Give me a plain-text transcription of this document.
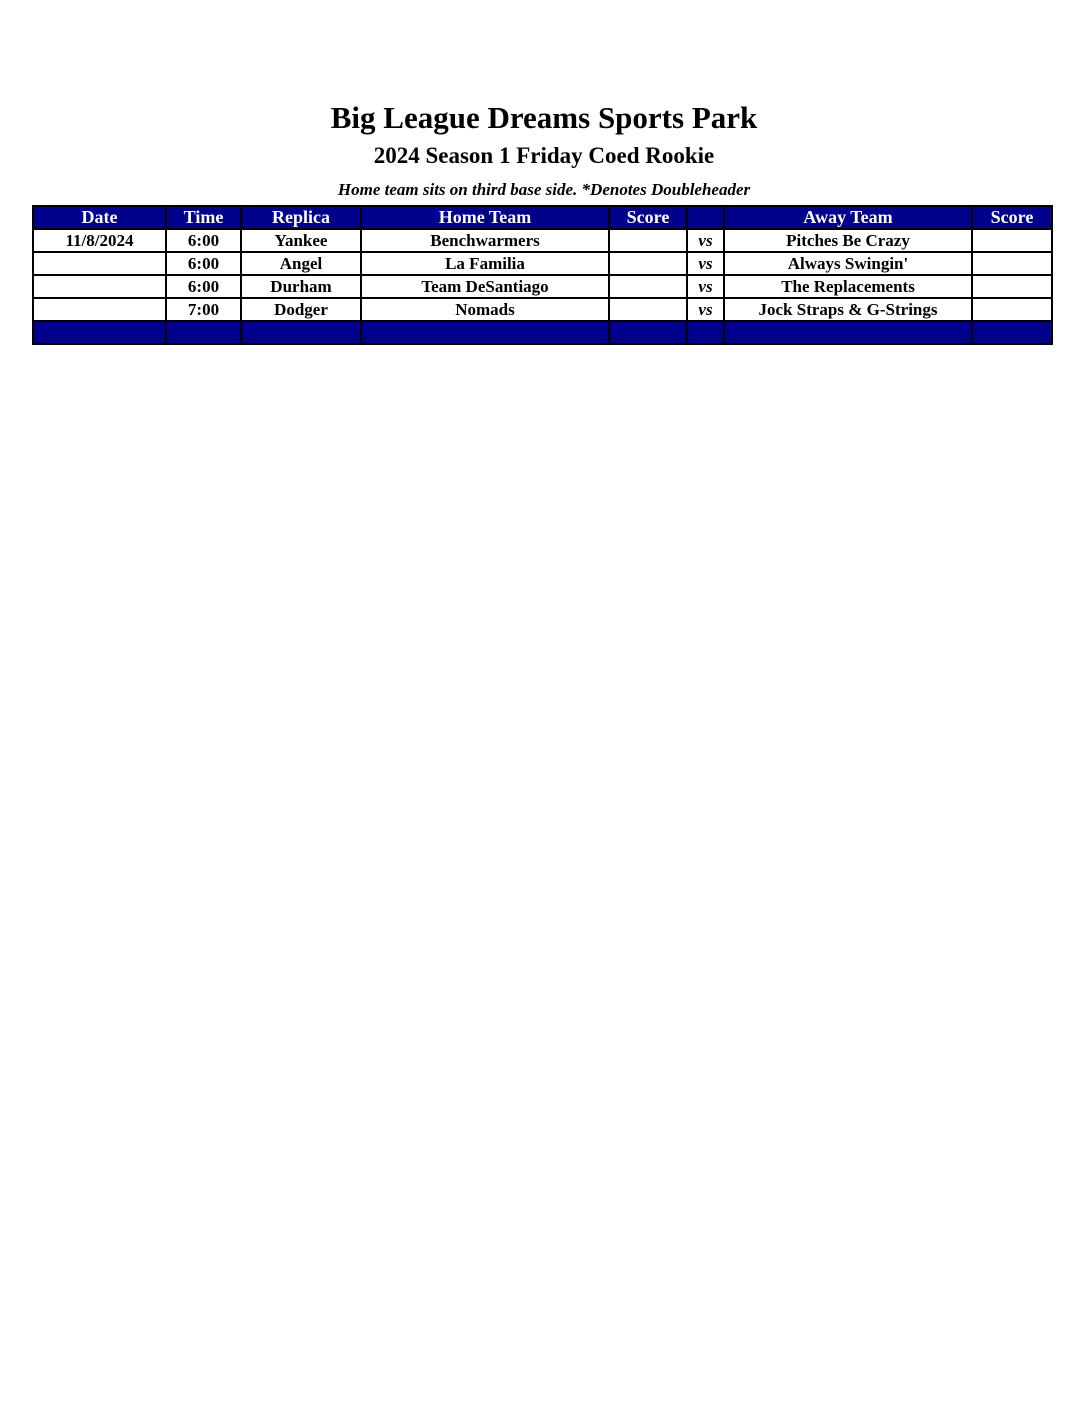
Big League Dreams Sports Park
2024 Season 1 Friday Coed Rookie
Home team sits on third base side. *Denotes Doubleheader
Date	Time	Replica	Home Team	Score		Away Team	Score
11/8/2024	6:00	Yankee	Benchwarmers		vs	Pitches Be Crazy	
	6:00	Angel	La Familia		vs	Always Swingin'	
	6:00	Durham	Team DeSantiago		vs	The Replacements	
	7:00	Dodger	Nomads		vs	Jock Straps & G-Strings	
